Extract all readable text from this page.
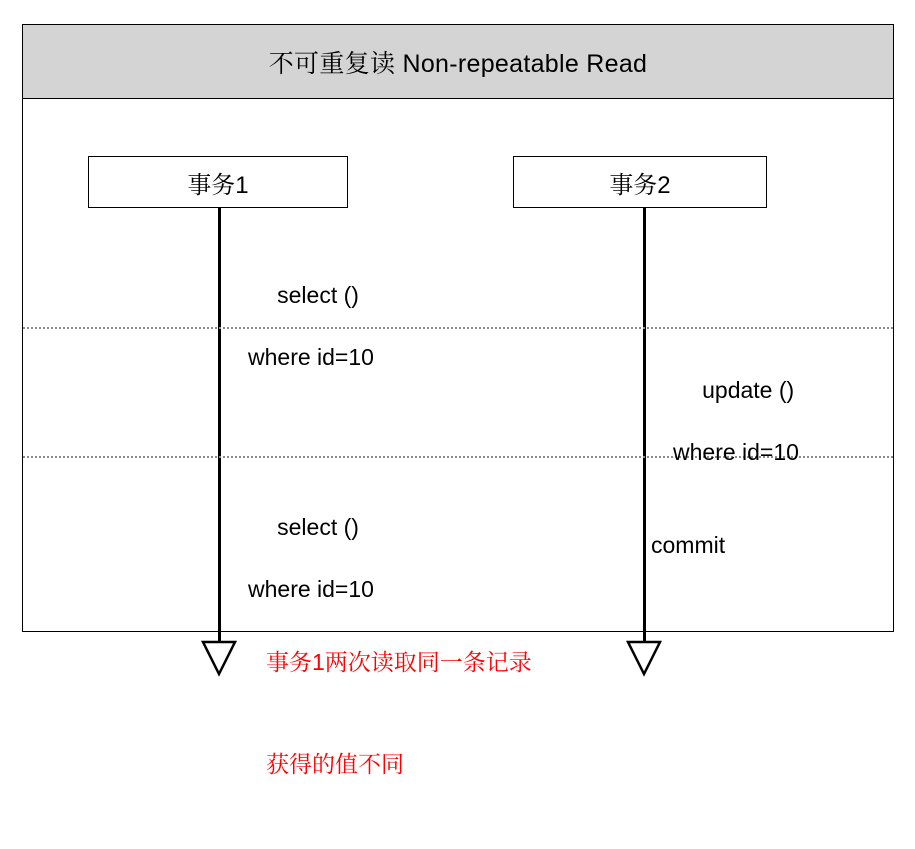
不可重复读 Non-repeatable Read
事务1	事务2

select ()

where id=10

update ()

where id=10

commit

select ()

where id=10

事务1两次读取同一条记录

获得的值不同
